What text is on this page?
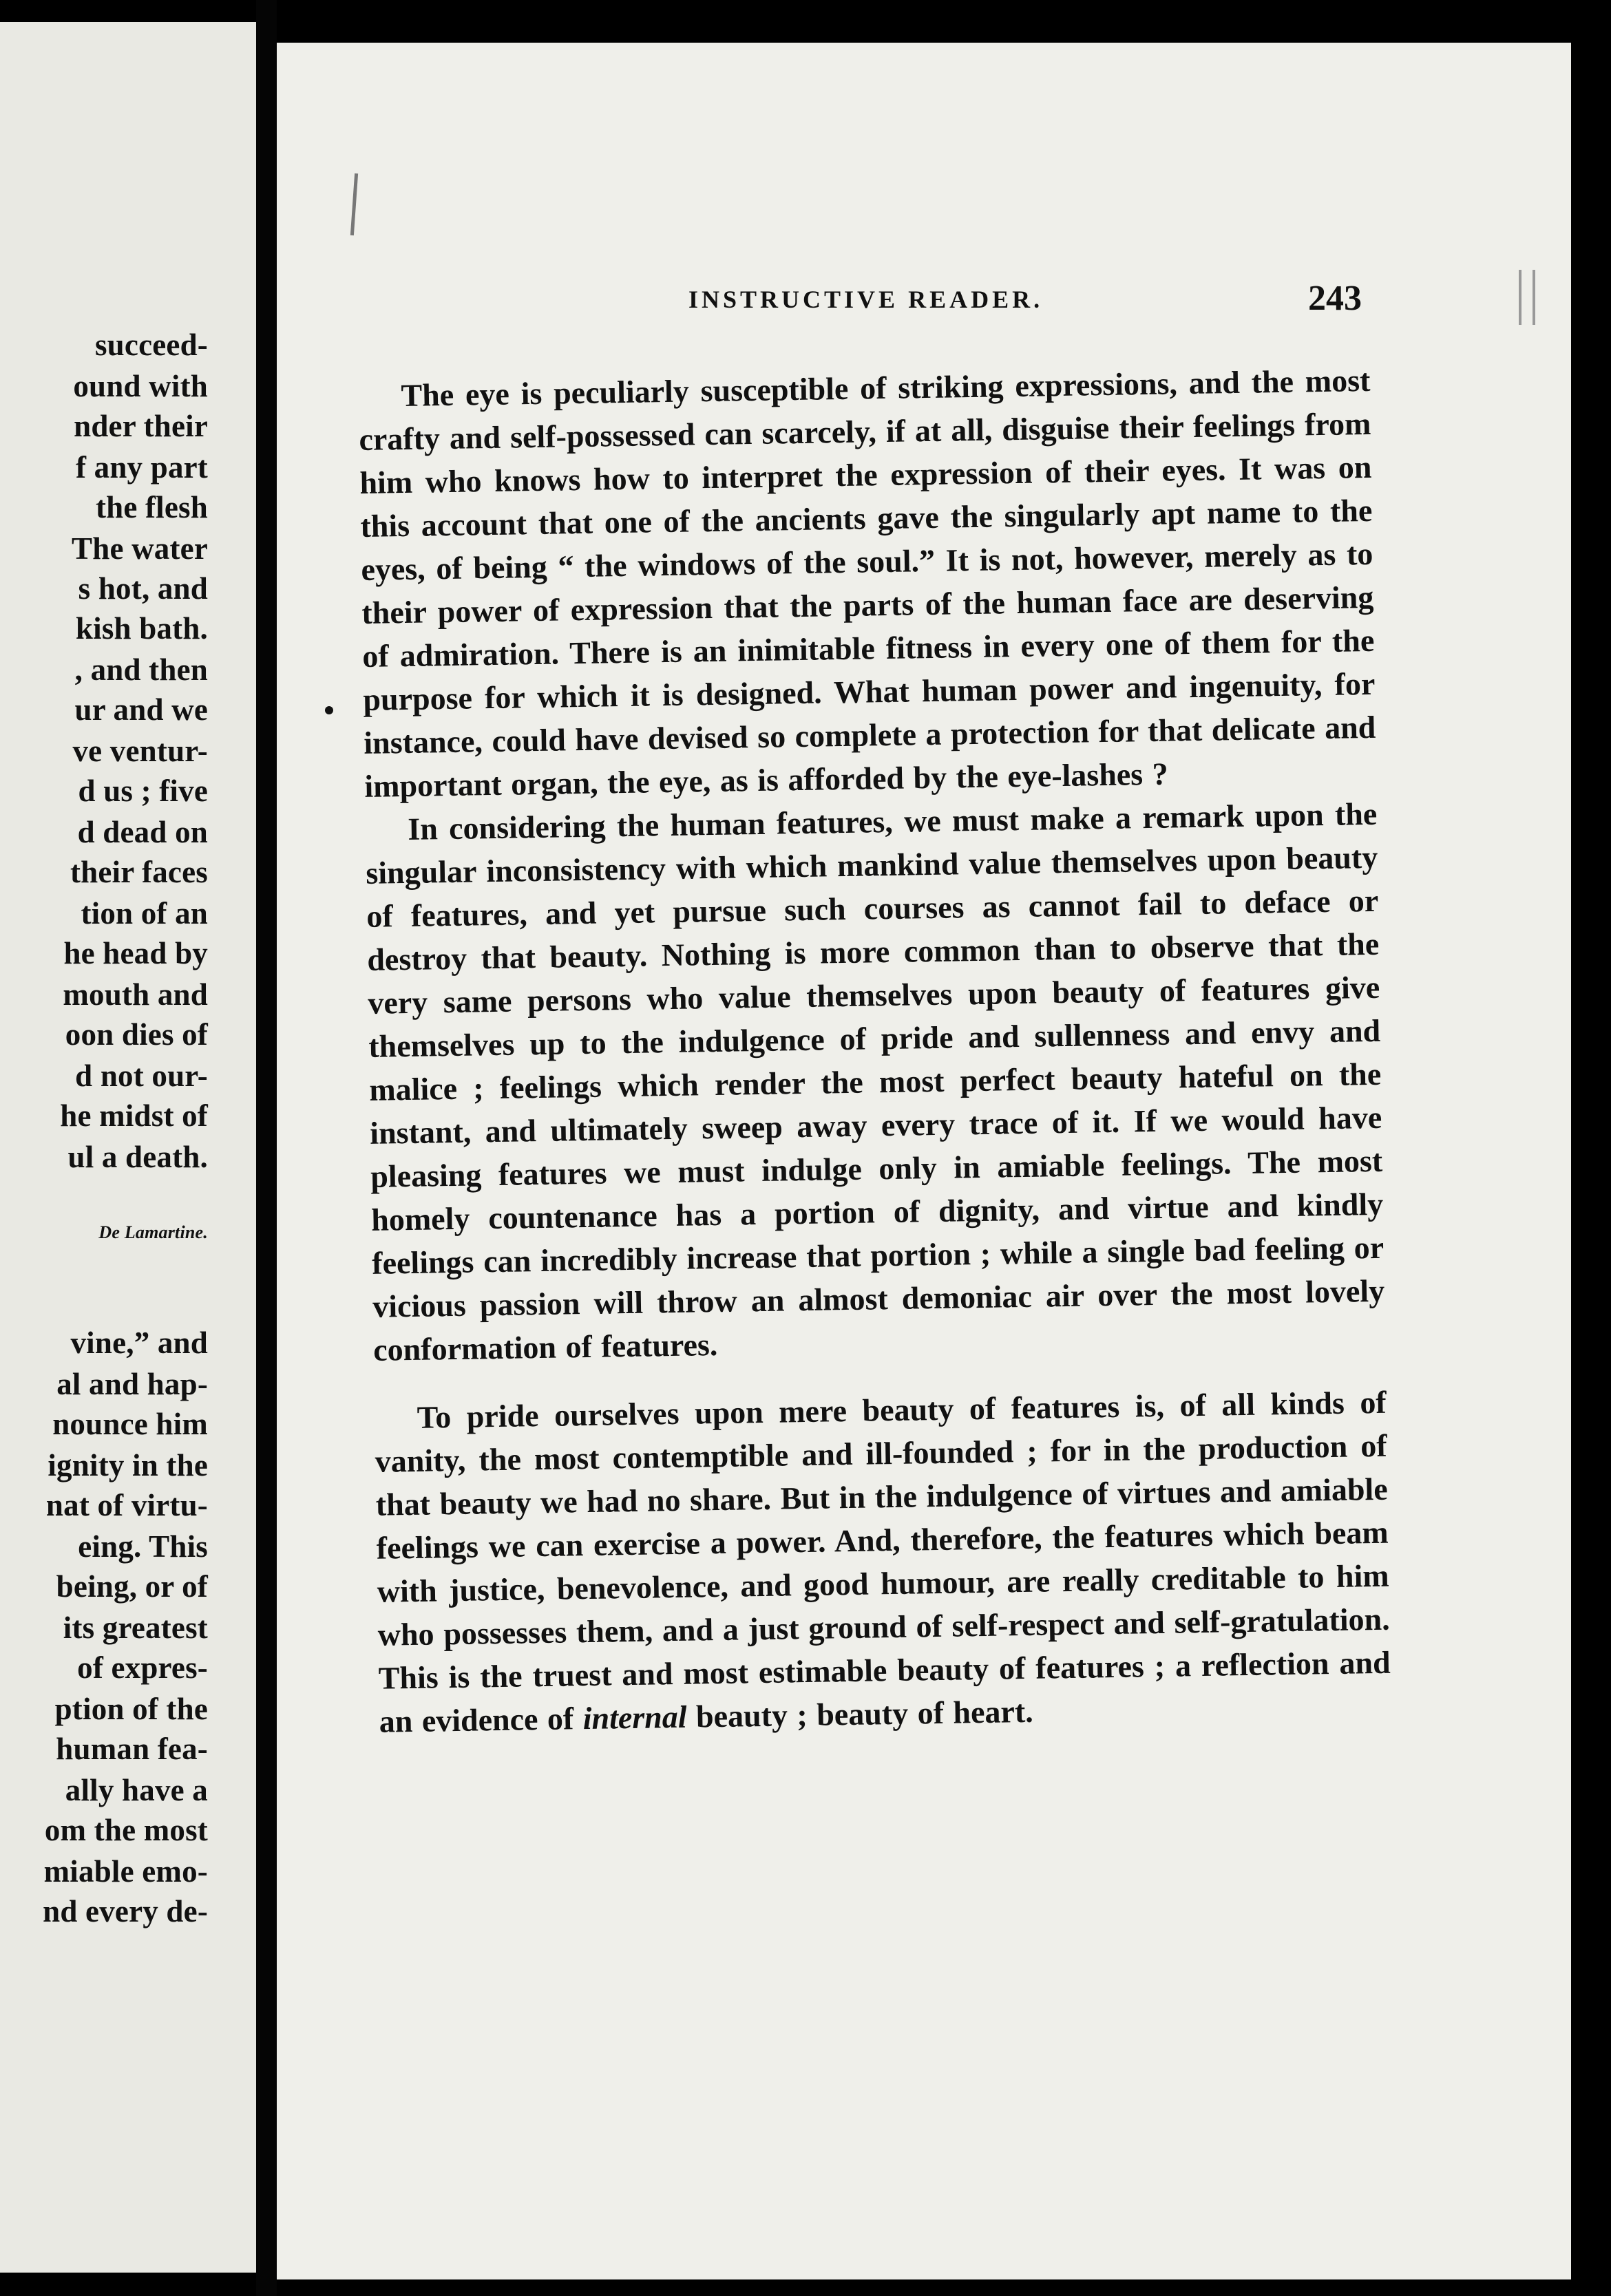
succeed-
ound with
nder their
f any part
the flesh
The water
s hot, and
kish bath.
, and then
ur and we
ve ventur-
d us ; five
d dead on
their faces
tion of an
he head by
mouth and
oon dies of
d not our-
he midst of
ul a death.
De Lamartine.
vine,” and
al and hap-
nounce him
ignity in the
nat of virtu-
eing. This
being, or of
its greatest
of expres-
ption of the
human fea-
ally have a
om the most
miable emo-
nd every de-
INSTRUCTIVE READER.	243

The eye is peculiarly susceptible of striking expressions, and the most crafty and self-possessed can scarcely, if at all, disguise their feelings from him who knows how to interpret the expression of their eyes. It was on this account that one of the ancients gave the singularly apt name to the eyes, of being “ the windows of the soul.” It is not, however, merely as to their power of expression that the parts of the human face are deserving of admiration. There is an inimitable fitness in every one of them for the purpose for which it is designed. What human power and ingenuity, for instance, could have devised so complete a protection for that delicate and important organ, the eye, as is afforded by the eye-lashes ?

In considering the human features, we must make a remark upon the singular inconsistency with which mankind value themselves upon beauty of features, and yet pursue such courses as cannot fail to deface or destroy that beauty. Nothing is more common than to observe that the very same persons who value themselves upon beauty of features give themselves up to the indulgence of pride and sullenness and envy and malice ; feelings which render the most perfect beauty hateful on the instant, and ultimately sweep away every trace of it. If we would have pleasing features we must indulge only in amiable feelings. The most homely countenance has a portion of dignity, and virtue and kindly feelings can incredibly increase that portion ; while a single bad feeling or vicious passion will throw an almost demoniac air over the most lovely conformation of features.

To pride ourselves upon mere beauty of features is, of all kinds of vanity, the most contemptible and ill-founded ; for in the production of that beauty we had no share. But in the indulgence of virtues and amiable feelings we can exercise a power. And, therefore, the features which beam with justice, benevolence, and good humour, are really creditable to him who possesses them, and a just ground of self-respect and self-gratulation. This is the truest and most estimable beauty of features ; a reflection and an evidence of internal beauty ; beauty of heart.
